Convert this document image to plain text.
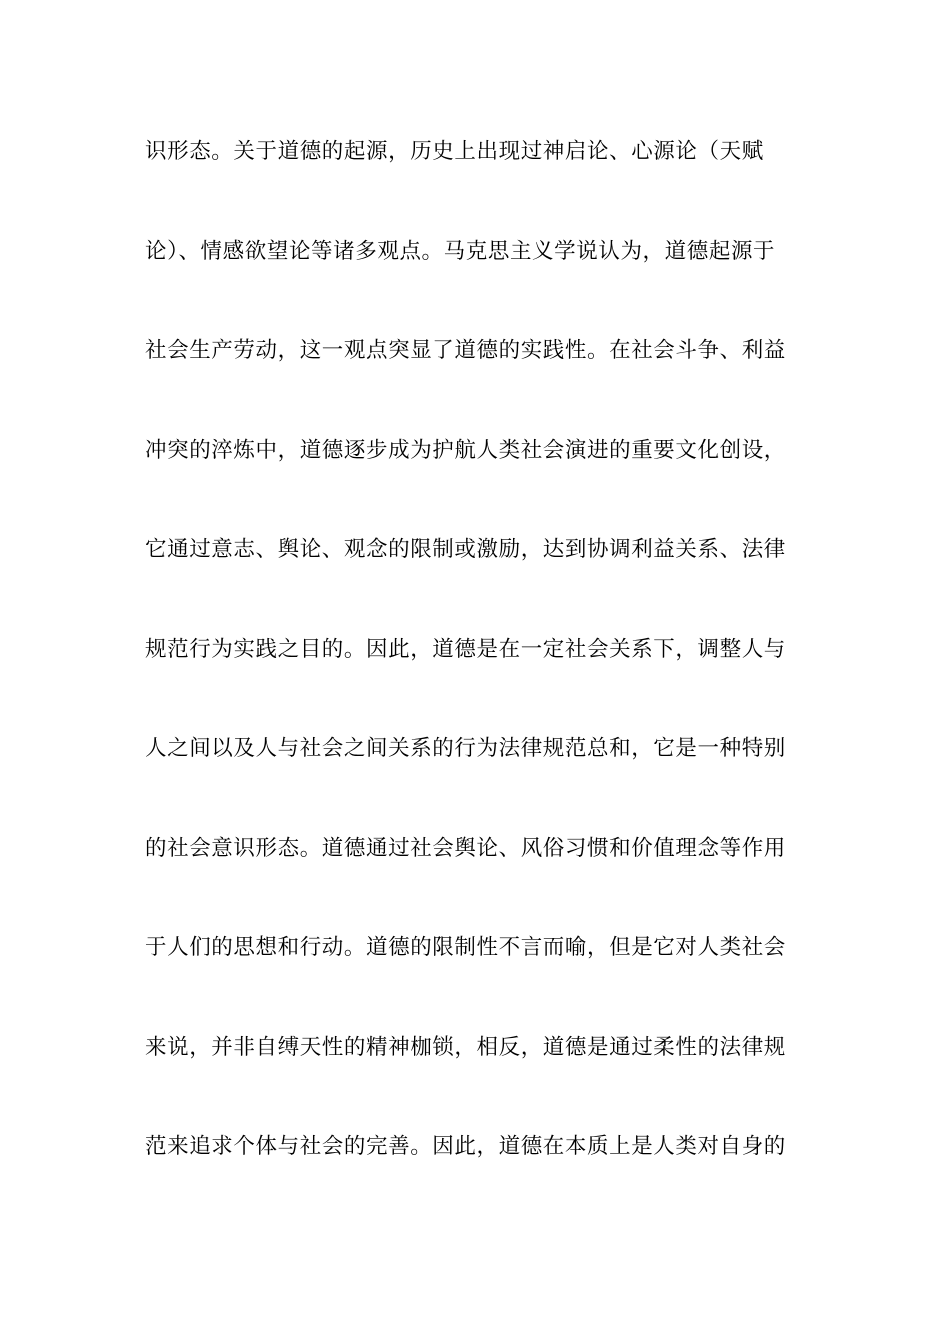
识形态。关于道德的起源，历史上出现过神启论、心源论（天赋
论）、情感欲望论等诸多观点。马克思主义学说认为，道德起源于
社会生产劳动，这一观点突显了道德的实践性。在社会斗争、利益
冲突的淬炼中，道德逐步成为护航人类社会演进的重要文化创设，
它通过意志、舆论、观念的限制或激励，达到协调利益关系、法律
规范行为实践之目的。因此，道德是在一定社会关系下，调整人与
人之间以及人与社会之间关系的行为法律规范总和，它是一种特别
的社会意识形态。道德通过社会舆论、风俗习惯和价值理念等作用
于人们的思想和行动。道德的限制性不言而喻，但是它对人类社会
来说，并非自缚天性的精神枷锁，相反，道德是通过柔性的法律规
范来追求个体与社会的完善。因此，道德在本质上是人类对自身的
